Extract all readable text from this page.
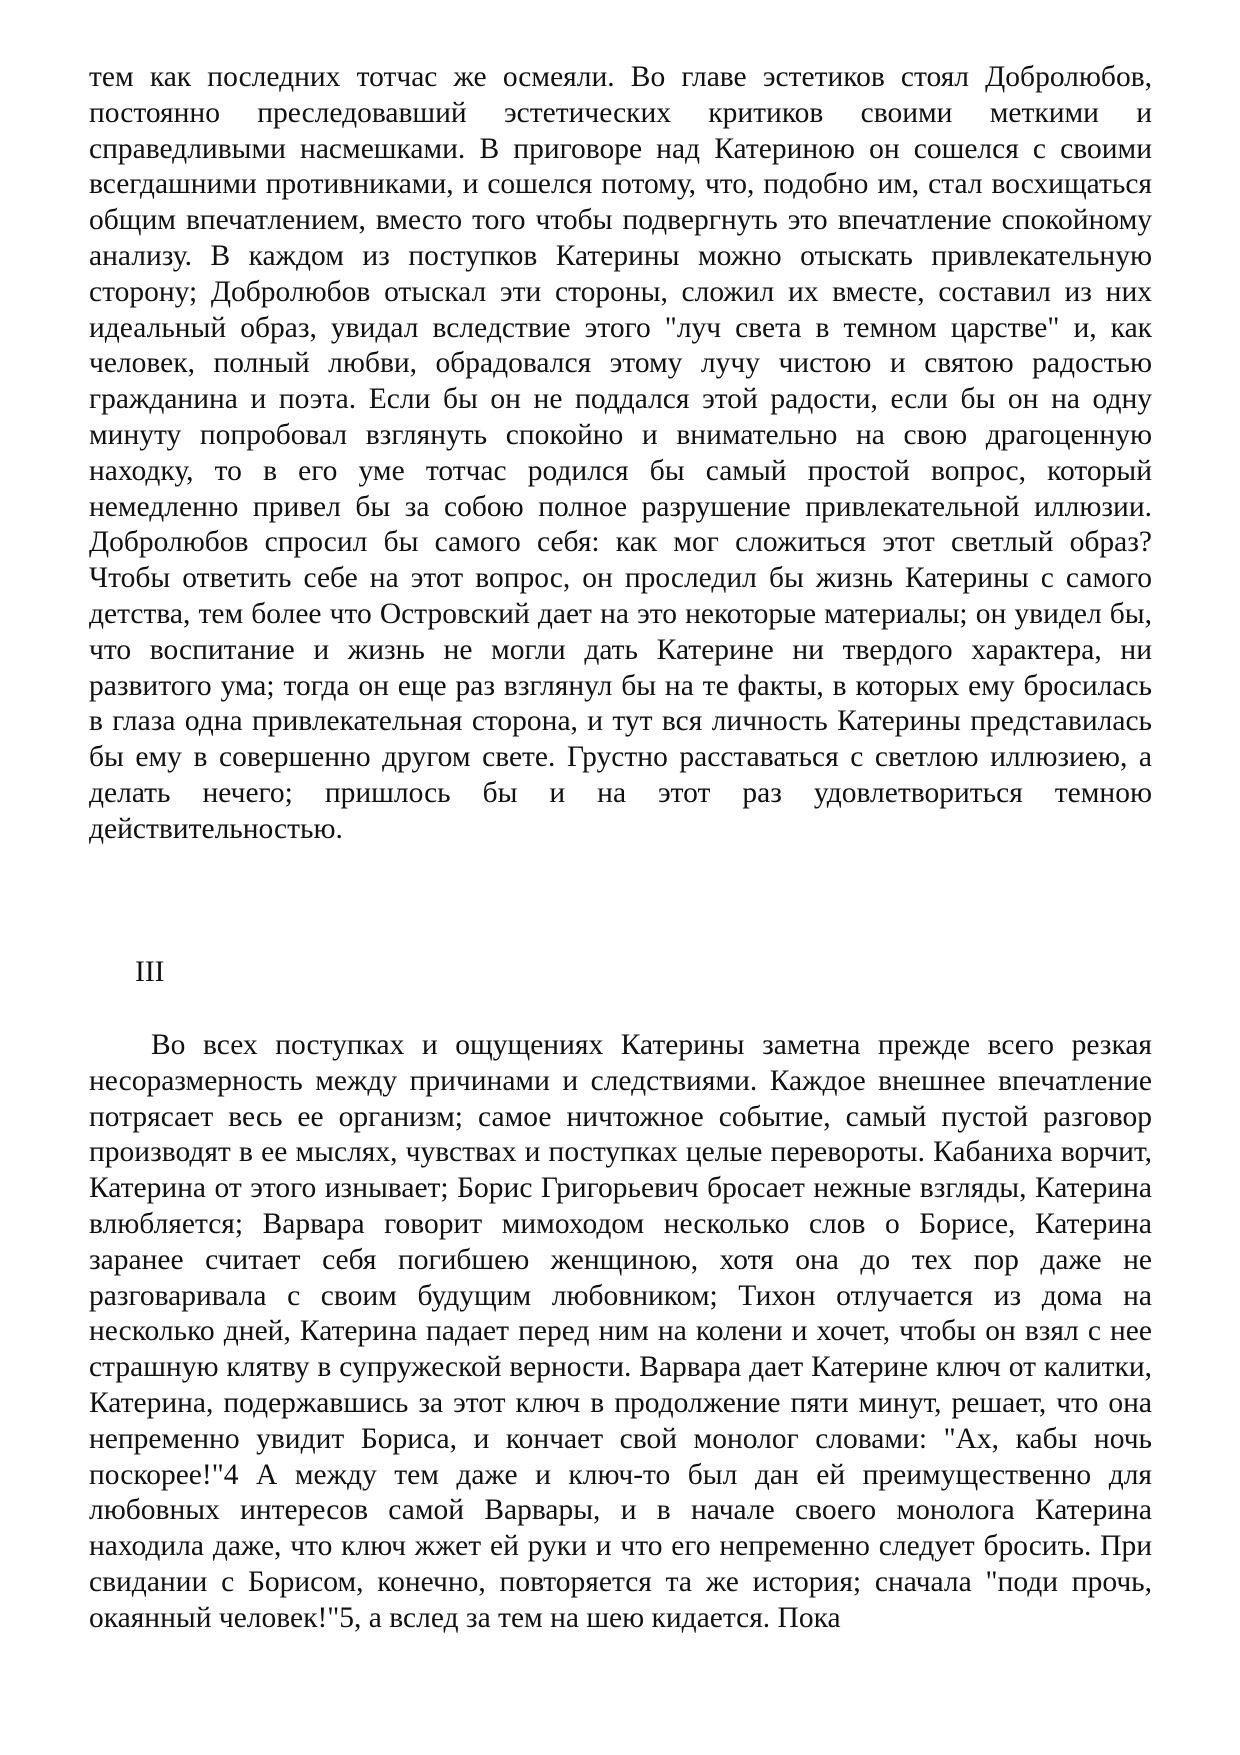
тем как последних тотчас же осмеяли. Во главе эстетиков стоял Добролюбов, постоянно преследовавший эстетических критиков своими меткими и справедливыми насмешками. В приговоре над Катериною он сошелся с своими всегдашними противниками, и сошелся потому, что, подобно им, стал восхищаться общим впечатлением, вместо того чтобы подвергнуть это впечатление спокойному анализу. В каждом из поступков Катерины можно отыскать привлекательную сторону; Добролюбов отыскал эти стороны, сложил их вместе, составил из них идеальный образ, увидал вследствие этого "луч света в темном царстве" и, как человек, полный любви, обрадовался этому лучу чистою и святою радостью гражданина и поэта. Если бы он не поддался этой радости, если бы он на одну минуту попробовал взглянуть спокойно и внимательно на свою драгоценную находку, то в его уме тотчас родился бы самый простой вопрос, который немедленно привел бы за собою полное разрушение привлекательной иллюзии. Добролюбов спросил бы самого себя: как мог сложиться этот светлый образ? Чтобы ответить себе на этот вопрос, он проследил бы жизнь Катерины с самого детства, тем более что Островский дает на это некоторые материалы; он увидел бы, что воспитание и жизнь не могли дать Катерине ни твердого характера, ни развитого ума; тогда он еще раз взглянул бы на те факты, в которых ему бросилась в глаза одна привлекательная сторона, и тут вся личность Катерины представилась бы ему в совершенно другом свете. Грустно расставаться с светлою иллюзиею, а делать нечего; пришлось бы и на этот раз удовлетвориться темною действительностью.

III

Во всех поступках и ощущениях Катерины заметна прежде всего резкая несоразмерность между причинами и следствиями. Каждое внешнее впечатление потрясает весь ее организм; самое ничтожное событие, самый пустой разговор производят в ее мыслях, чувствах и поступках целые перевороты. Кабаниха ворчит, Катерина от этого изнывает; Борис Григорьевич бросает нежные взгляды, Катерина влюбляется; Варвара говорит мимоходом несколько слов о Борисе, Катерина заранее считает себя погибшею женщиною, хотя она до тех пор даже не разговаривала с своим будущим любовником; Тихон отлучается из дома на несколько дней, Катерина падает перед ним на колени и хочет, чтобы он взял с нее страшную клятву в супружеской верности. Варвара дает Катерине ключ от калитки, Катерина, подержавшись за этот ключ в продолжение пяти минут, решает, что она непременно увидит Бориса, и кончает свой монолог словами: "Ах, кабы ночь поскорее!"4 А между тем даже и ключ-то был дан ей преимущественно для любовных интересов самой Варвары, и в начале своего монолога Катерина находила даже, что ключ жжет ей руки и что его непременно следует бросить. При свидании с Борисом, конечно, повторяется та же история; сначала "поди прочь, окаянный человек!"5, а вслед за тем на шею кидается. Пока
